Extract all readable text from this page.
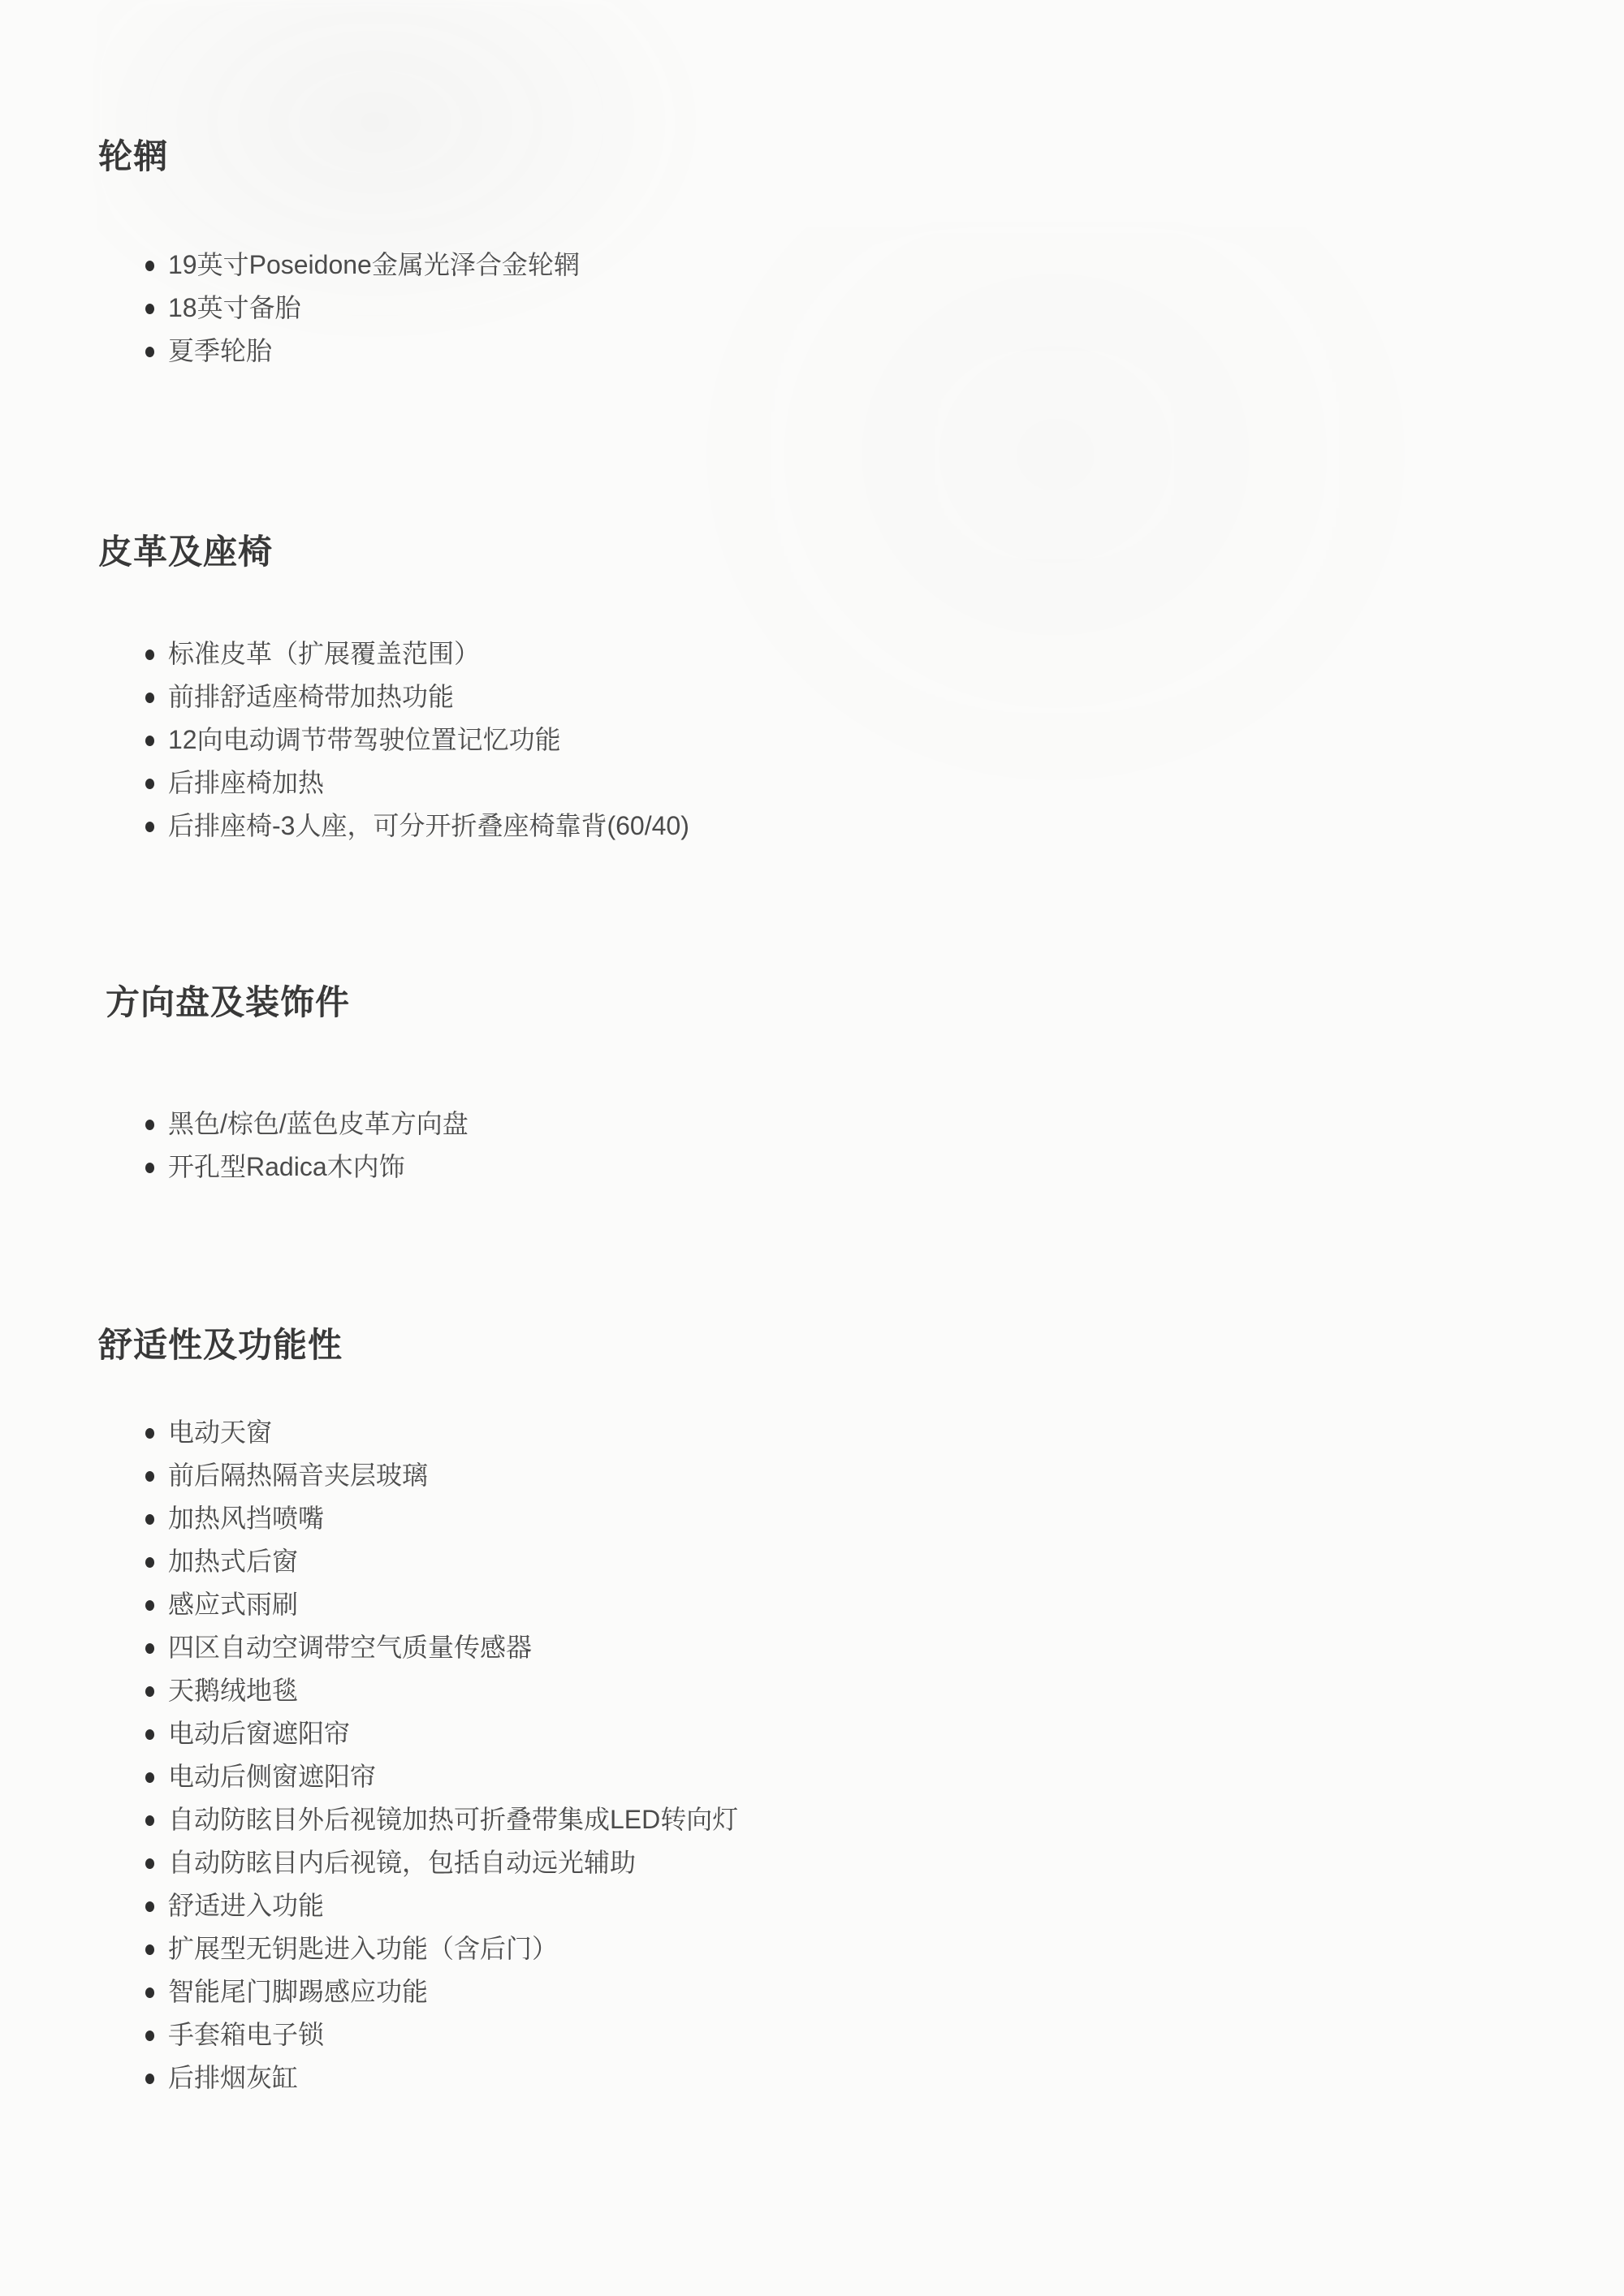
轮辋
19英寸Poseidone金属光泽合金轮辋
18英寸备胎
夏季轮胎
皮革及座椅
标准皮革（扩展覆盖范围）
前排舒适座椅带加热功能
12向电动调节带驾驶位置记忆功能
后排座椅加热
后排座椅-3人座，可分开折叠座椅靠背(60/40)
方向盘及装饰件
黑色/棕色/蓝色皮革方向盘
开孔型Radica木内饰
舒适性及功能性
电动天窗
前后隔热隔音夹层玻璃
加热风挡喷嘴
加热式后窗
感应式雨刷
四区自动空调带空气质量传感器
天鹅绒地毯
电动后窗遮阳帘
电动后侧窗遮阳帘
自动防眩目外后视镜加热可折叠带集成LED转向灯
自动防眩目内后视镜，包括自动远光辅助
舒适进入功能
扩展型无钥匙进入功能（含后门）
智能尾门脚踢感应功能
手套箱电子锁
后排烟灰缸
